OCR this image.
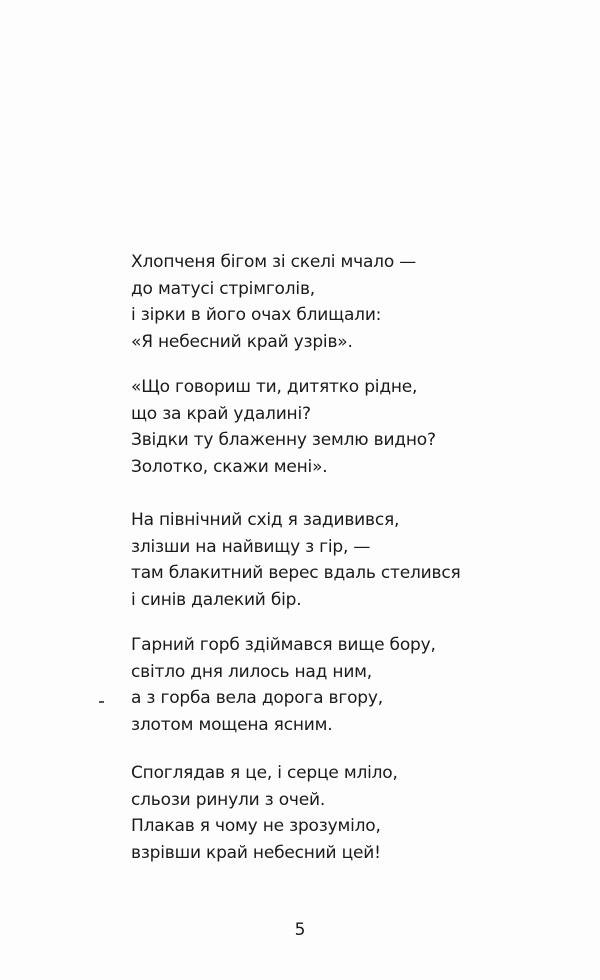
Хлопченя бігом зі скелі мчало —
до матусі стрімголів,
і зірки в його очах блищали:
«Я небесний край узрів».
«Що говориш ти, дитятко рідне,
що за край удалині?
Звідки ту блаженну землю видно?
Золотко, скажи мені».
На північний схід я задивився,
злізши на найвищу з гір, —
там блакитний верес вдаль стелився
і синів далекий бір.
Гарний горб здіймався вище бору,
світло дня лилось над ним,
а з горба вела дорога вгору,
злотом мощена ясним.
Споглядав я це, і серце мліло,
сльози ринули з очей.
Плакав я чому не зрозуміло,
взрівши край небесний цей!
5
